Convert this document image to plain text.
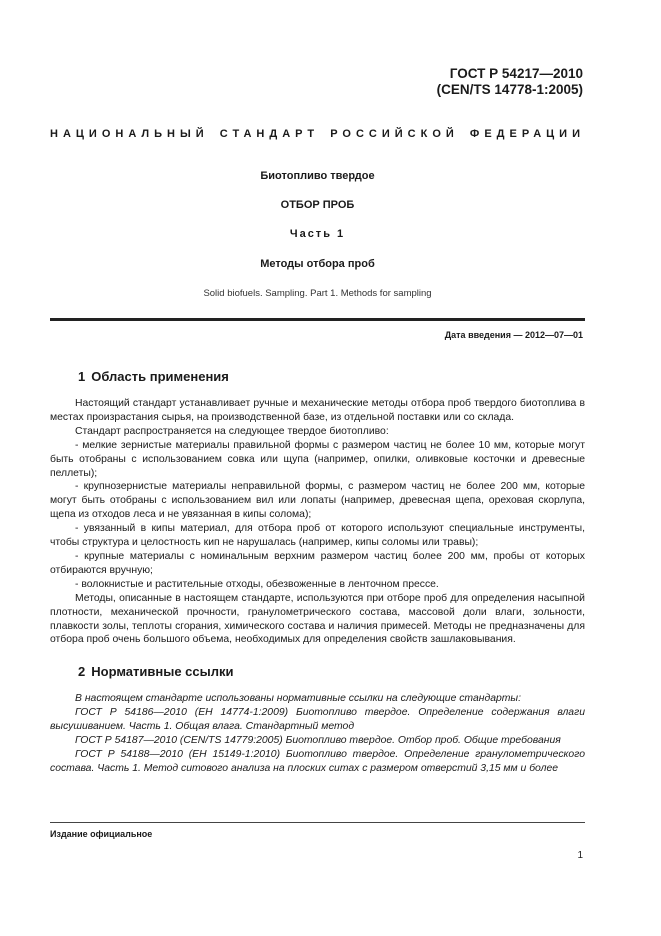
ГОСТ Р 54217—2010
(CEN/TS 14778-1:2005)
НАЦИОНАЛЬНЫЙ СТАНДАРТ РОССИЙСКОЙ ФЕДЕРАЦИИ
Биотопливо твердое
ОТБОР ПРОБ
Часть 1
Методы отбора проб
Solid biofuels. Sampling. Part 1. Methods for sampling
Дата введения — 2012—07—01
1 Область применения

Настоящий стандарт устанавливает ручные и механические методы отбора проб твердого биотоплива в местах произрастания сырья, на производственной базе, из отдельной поставки или со склада.

Стандарт распространяется на следующее твердое биотопливо:

- мелкие зернистые материалы правильной формы с размером частиц не более 10 мм, которые могут быть отобраны с использованием совка или щупа (например, опилки, оливковые косточки и древесные пеллеты);

- крупнозернистые материалы неправильной формы, с размером частиц не более 200 мм, которые могут быть отобраны с использованием вил или лопаты (например, древесная щепа, ореховая скорлупа, щепа из отходов леса и не увязанная в кипы солома);

- увязанный в кипы материал, для отбора проб от которого используют специальные инструменты, чтобы структура и целостность кип не нарушалась (например, кипы соломы или травы);

- крупные материалы с номинальным верхним размером частиц более 200 мм, пробы от которых отбираются вручную;

- волокнистые и растительные отходы, обезвоженные в ленточном прессе.

Методы, описанные в настоящем стандарте, используются при отборе проб для определения насыпной плотности, механической прочности, гранулометрического состава, массовой доли влаги, зольности, плавкости золы, теплоты сгорания, химического состава и наличия примесей. Методы не предназначены для отбора проб очень большого объема, необходимых для определения свойств зашлаковывания.

2 Нормативные ссылки

В настоящем стандарте использованы нормативные ссылки на следующие стандарты:

ГОСТ Р 54186—2010 (ЕН 14774-1:2009) Биотопливо твердое. Определение содержания влаги высушиванием. Часть 1. Общая влага. Стандартный метод

ГОСТ Р 54187—2010 (CEN/TS 14779:2005) Биотопливо твердое. Отбор проб. Общие требования

ГОСТ Р 54188—2010 (ЕН 15149-1:2010) Биотопливо твердое. Определение гранулометрического состава. Часть 1. Метод ситового анализа на плоских ситах с размером отверстий 3,15 мм и более

Издание официальное
1
